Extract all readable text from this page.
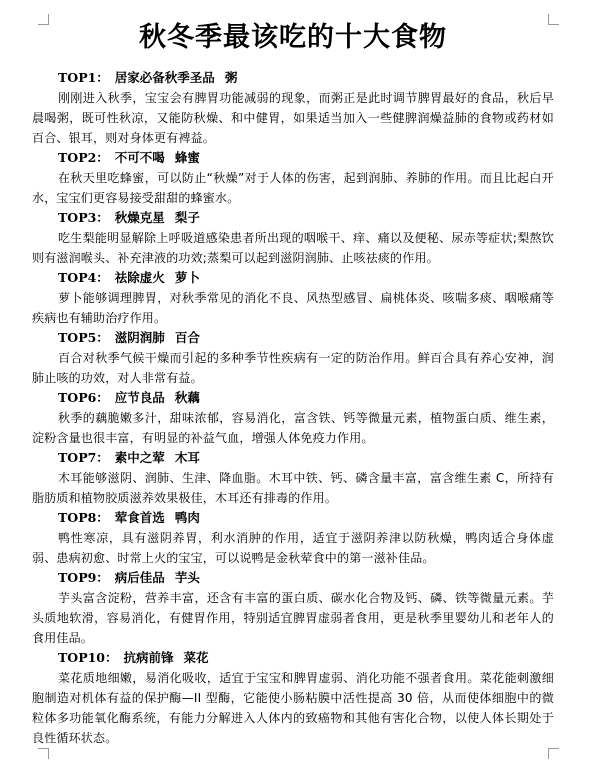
秋冬季最该吃的十大食物
TOP1： 居家必备秋季圣品 粥

刚刚进入秋季，宝宝会有脾胃功能减弱的现象，而粥正是此时调节脾胃最好的食品，秋后早晨喝粥，既可性秋凉，又能防秋燥、和中健胃，如果适当加入一些健脾润燥益肺的食物或药材如百合、银耳，则对身体更有裨益。

TOP2： 不可不喝 蜂蜜

在秋天里吃蜂蜜，可以防止“秋燥”对于人体的伤害，起到润肺、养肺的作用。而且比起白开水，宝宝们更容易接受甜甜的蜂蜜水。

TOP3： 秋燥克星 梨子

吃生梨能明显解除上呼吸道感染患者所出现的咽喉干、痒、痛以及便秘、尿赤等症状;梨熬饮则有滋润喉头、补充津液的功效;蒸梨可以起到滋阴润肺、止咳祛痰的作用。

TOP4： 祛除虚火 萝卜

萝卜能够调理脾胃，对秋季常见的消化不良、风热型感冒、扁桃体炎、咳喘多痰、咽喉痛等疾病也有辅助治疗作用。

TOP5： 滋阴润肺 百合

百合对秋季气候干燥而引起的多种季节性疾病有一定的防治作用。鲜百合具有养心安神，润肺止咳的功效，对人非常有益。

TOP6： 应节良品 秋藕

秋季的藕脆嫩多汁，甜味浓郁，容易消化，富含铁、钙等微量元素，植物蛋白质、维生素，淀粉含量也很丰富，有明显的补益气血，增强人体免疫力作用。

TOP7： 素中之荤 木耳

木耳能够滋阴、润肺、生津、降血脂。木耳中铁、钙、磷含量丰富，富含维生素 C，所持有脂肪质和植物胶质滋养效果极佳，木耳还有排毒的作用。

TOP8： 荤食首选 鸭肉

鸭性寒凉，具有滋阴养胃，利水消肿的作用，适宜于滋阴养津以防秋燥，鸭肉适合身体虚弱、患病初愈、时常上火的宝宝，可以说鸭是金秋荤食中的第一滋补佳品。

TOP9： 病后佳品 芋头

芋头富含淀粉，营养丰富，还含有丰富的蛋白质、碳水化合物及钙、磷、铁等微量元素。芋头质地软滑，容易消化，有健胃作用，特别适宜脾胃虚弱者食用，更是秋季里婴幼儿和老年人的食用佳品。

TOP10： 抗病前锋 菜花

菜花质地细嫩，易消化吸收，适宜于宝宝和脾胃虚弱、消化功能不强者食用。菜花能刺激细胞制造对机体有益的保护酶—II 型酶，它能使小肠粘膜中活性提高 30 倍，从而使体细胞中的微粒体多功能氧化酶系统，有能力分解进入人体内的致癌物和其他有害化合物，以使人体长期处于良性循环状态。
